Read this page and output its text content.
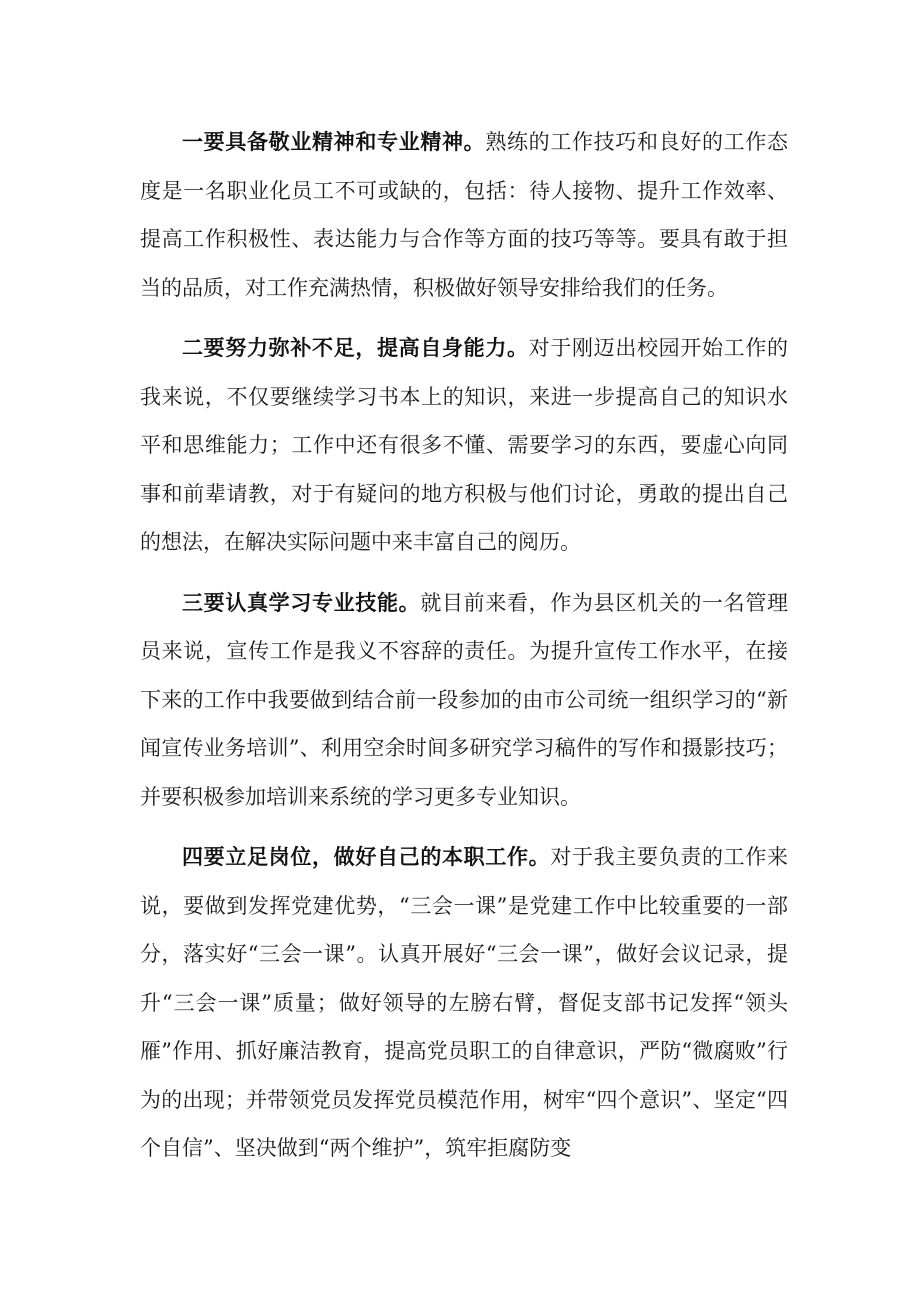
一要具备敬业精神和专业精神。熟练的工作技巧和良好的工作态度是一名职业化员工不可或缺的，包括：待人接物、提升工作效率、提高工作积极性、表达能力与合作等方面的技巧等等。要具有敢于担当的品质，对工作充满热情，积极做好领导安排给我们的任务。

二要努力弥补不足，提高自身能力。对于刚迈出校园开始工作的我来说，不仅要继续学习书本上的知识，来进一步提高自己的知识水平和思维能力；工作中还有很多不懂、需要学习的东西，要虚心向同事和前辈请教，对于有疑问的地方积极与他们讨论，勇敢的提出自己的想法，在解决实际问题中来丰富自己的阅历。

三要认真学习专业技能。就目前来看，作为县区机关的一名管理员来说，宣传工作是我义不容辞的责任。为提升宣传工作水平，在接下来的工作中我要做到结合前一段参加的由市公司统一组织学习的“新闻宣传业务培训”、利用空余时间多研究学习稿件的写作和摄影技巧；并要积极参加培训来系统的学习更多专业知识。

四要立足岗位，做好自己的本职工作。对于我主要负责的工作来说，要做到发挥党建优势，“三会一课”是党建工作中比较重要的一部分，落实好“三会一课”。认真开展好“三会一课”，做好会议记录，提升“三会一课”质量；做好领导的左膀右臂，督促支部书记发挥“领头雁”作用、抓好廉洁教育，提高党员职工的自律意识，严防“微腐败”行为的出现；并带领党员发挥党员模范作用，树牢“四个意识”、坚定“四个自信”、坚决做到“两个维护”，筑牢拒腐防变
